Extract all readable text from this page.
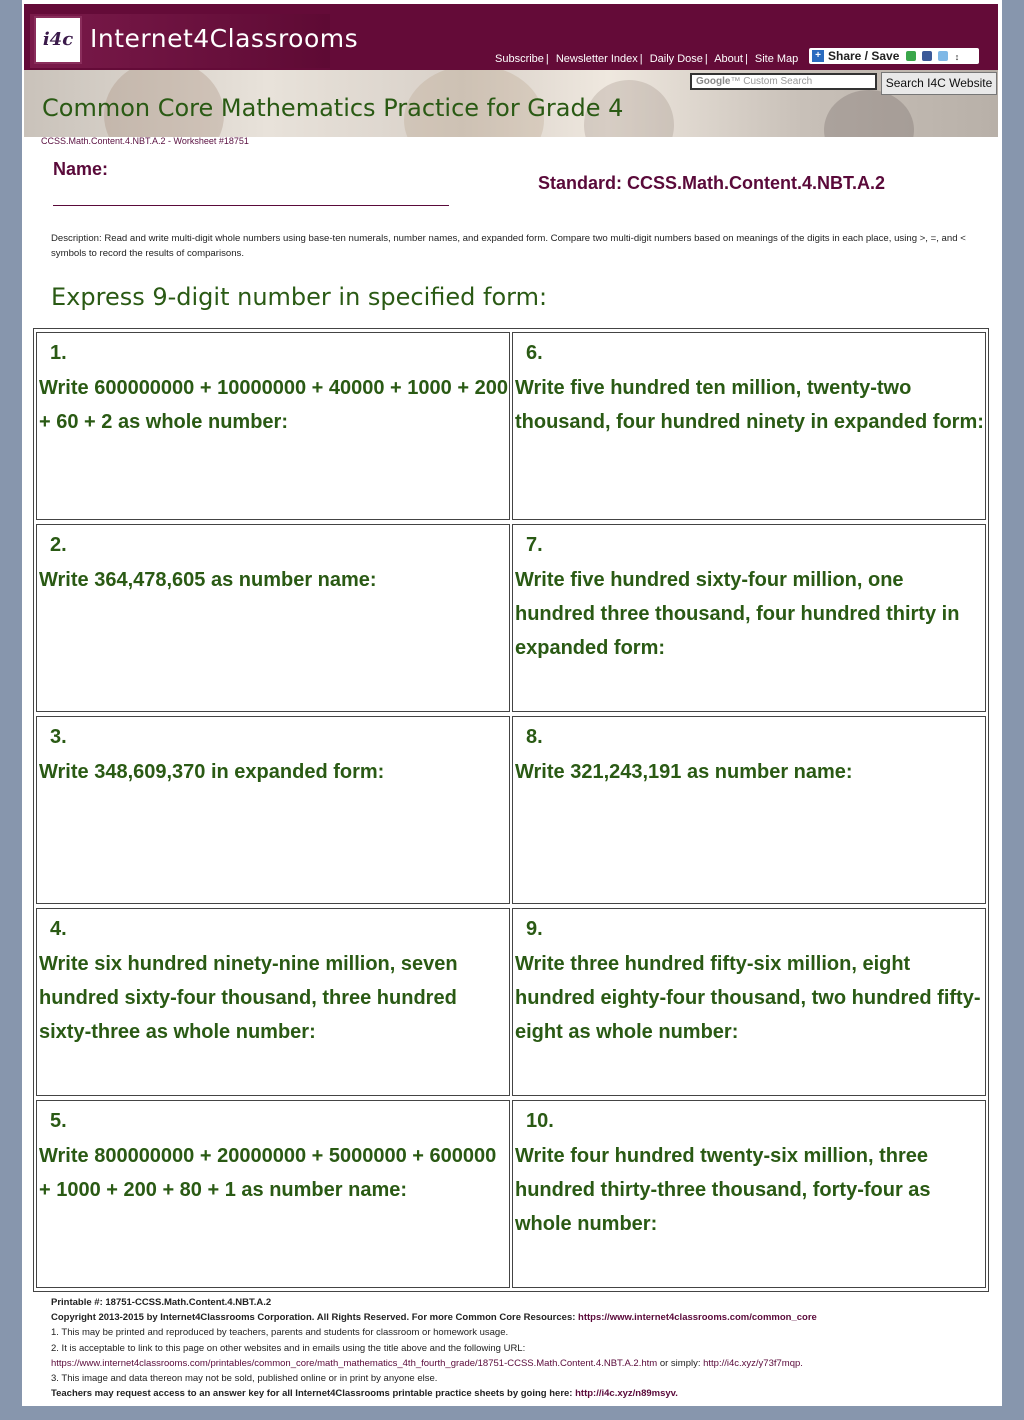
i4c Internet4Classrooms
Subscribe | Newsletter Index | Daily Dose | About | Site Map	+ Share / Save	↕
Common Core Mathematics Practice for Grade 4
Google™ Custom Search	Search I4C Website
CCSS.Math.Content.4.NBT.A.2 - Worksheet #18751
Name:
Standard: CCSS.Math.Content.4.NBT.A.2
Description: Read and write multi-digit whole numbers using base-ten numerals, number names, and expanded form. Compare two multi-digit numbers based on meanings of the digits in each place, using >, =, and < symbols to record the results of comparisons.
Express 9-digit number in specified form:
1.
Write 600000000 + 10000000 + 40000 + 1000 + 200 + 60 + 2 as whole number:
2.
Write 364,478,605 as number name:
3.
Write 348,609,370 in expanded form:
4.
Write six hundred ninety-nine million, seven hundred sixty-four thousand, three hundred sixty-three as whole number:
5.
Write 800000000 + 20000000 + 5000000 + 600000 + 1000 + 200 + 80 + 1 as number name:
6.
Write five hundred ten million, twenty-two thousand, four hundred ninety in expanded form:
7.
Write five hundred sixty-four million, one hundred three thousand, four hundred thirty in expanded form:
8.
Write 321,243,191 as number name:
9.
Write three hundred fifty-six million, eight hundred eighty-four thousand, two hundred fifty-eight as whole number:
10.
Write four hundred twenty-six million, three hundred thirty-three thousand, forty-four as whole number:
Printable #: 18751-CCSS.Math.Content.4.NBT.A.2
Copyright 2013-2015 by Internet4Classrooms Corporation. All Rights Reserved. For more Common Core Resources: https://www.internet4classrooms.com/common_core
1. This may be printed and reproduced by teachers, parents and students for classroom or homework usage.
2. It is acceptable to link to this page on other websites and in emails using the title above and the following URL:
https://www.internet4classrooms.com/printables/common_core/math_mathematics_4th_fourth_grade/18751-CCSS.Math.Content.4.NBT.A.2.htm or simply: http://i4c.xyz/y73f7mqp.
3. This image and data thereon may not be sold, published online or in print by anyone else.
Teachers may request access to an answer key for all Internet4Classrooms printable practice sheets by going here: http://i4c.xyz/n89msyv.
